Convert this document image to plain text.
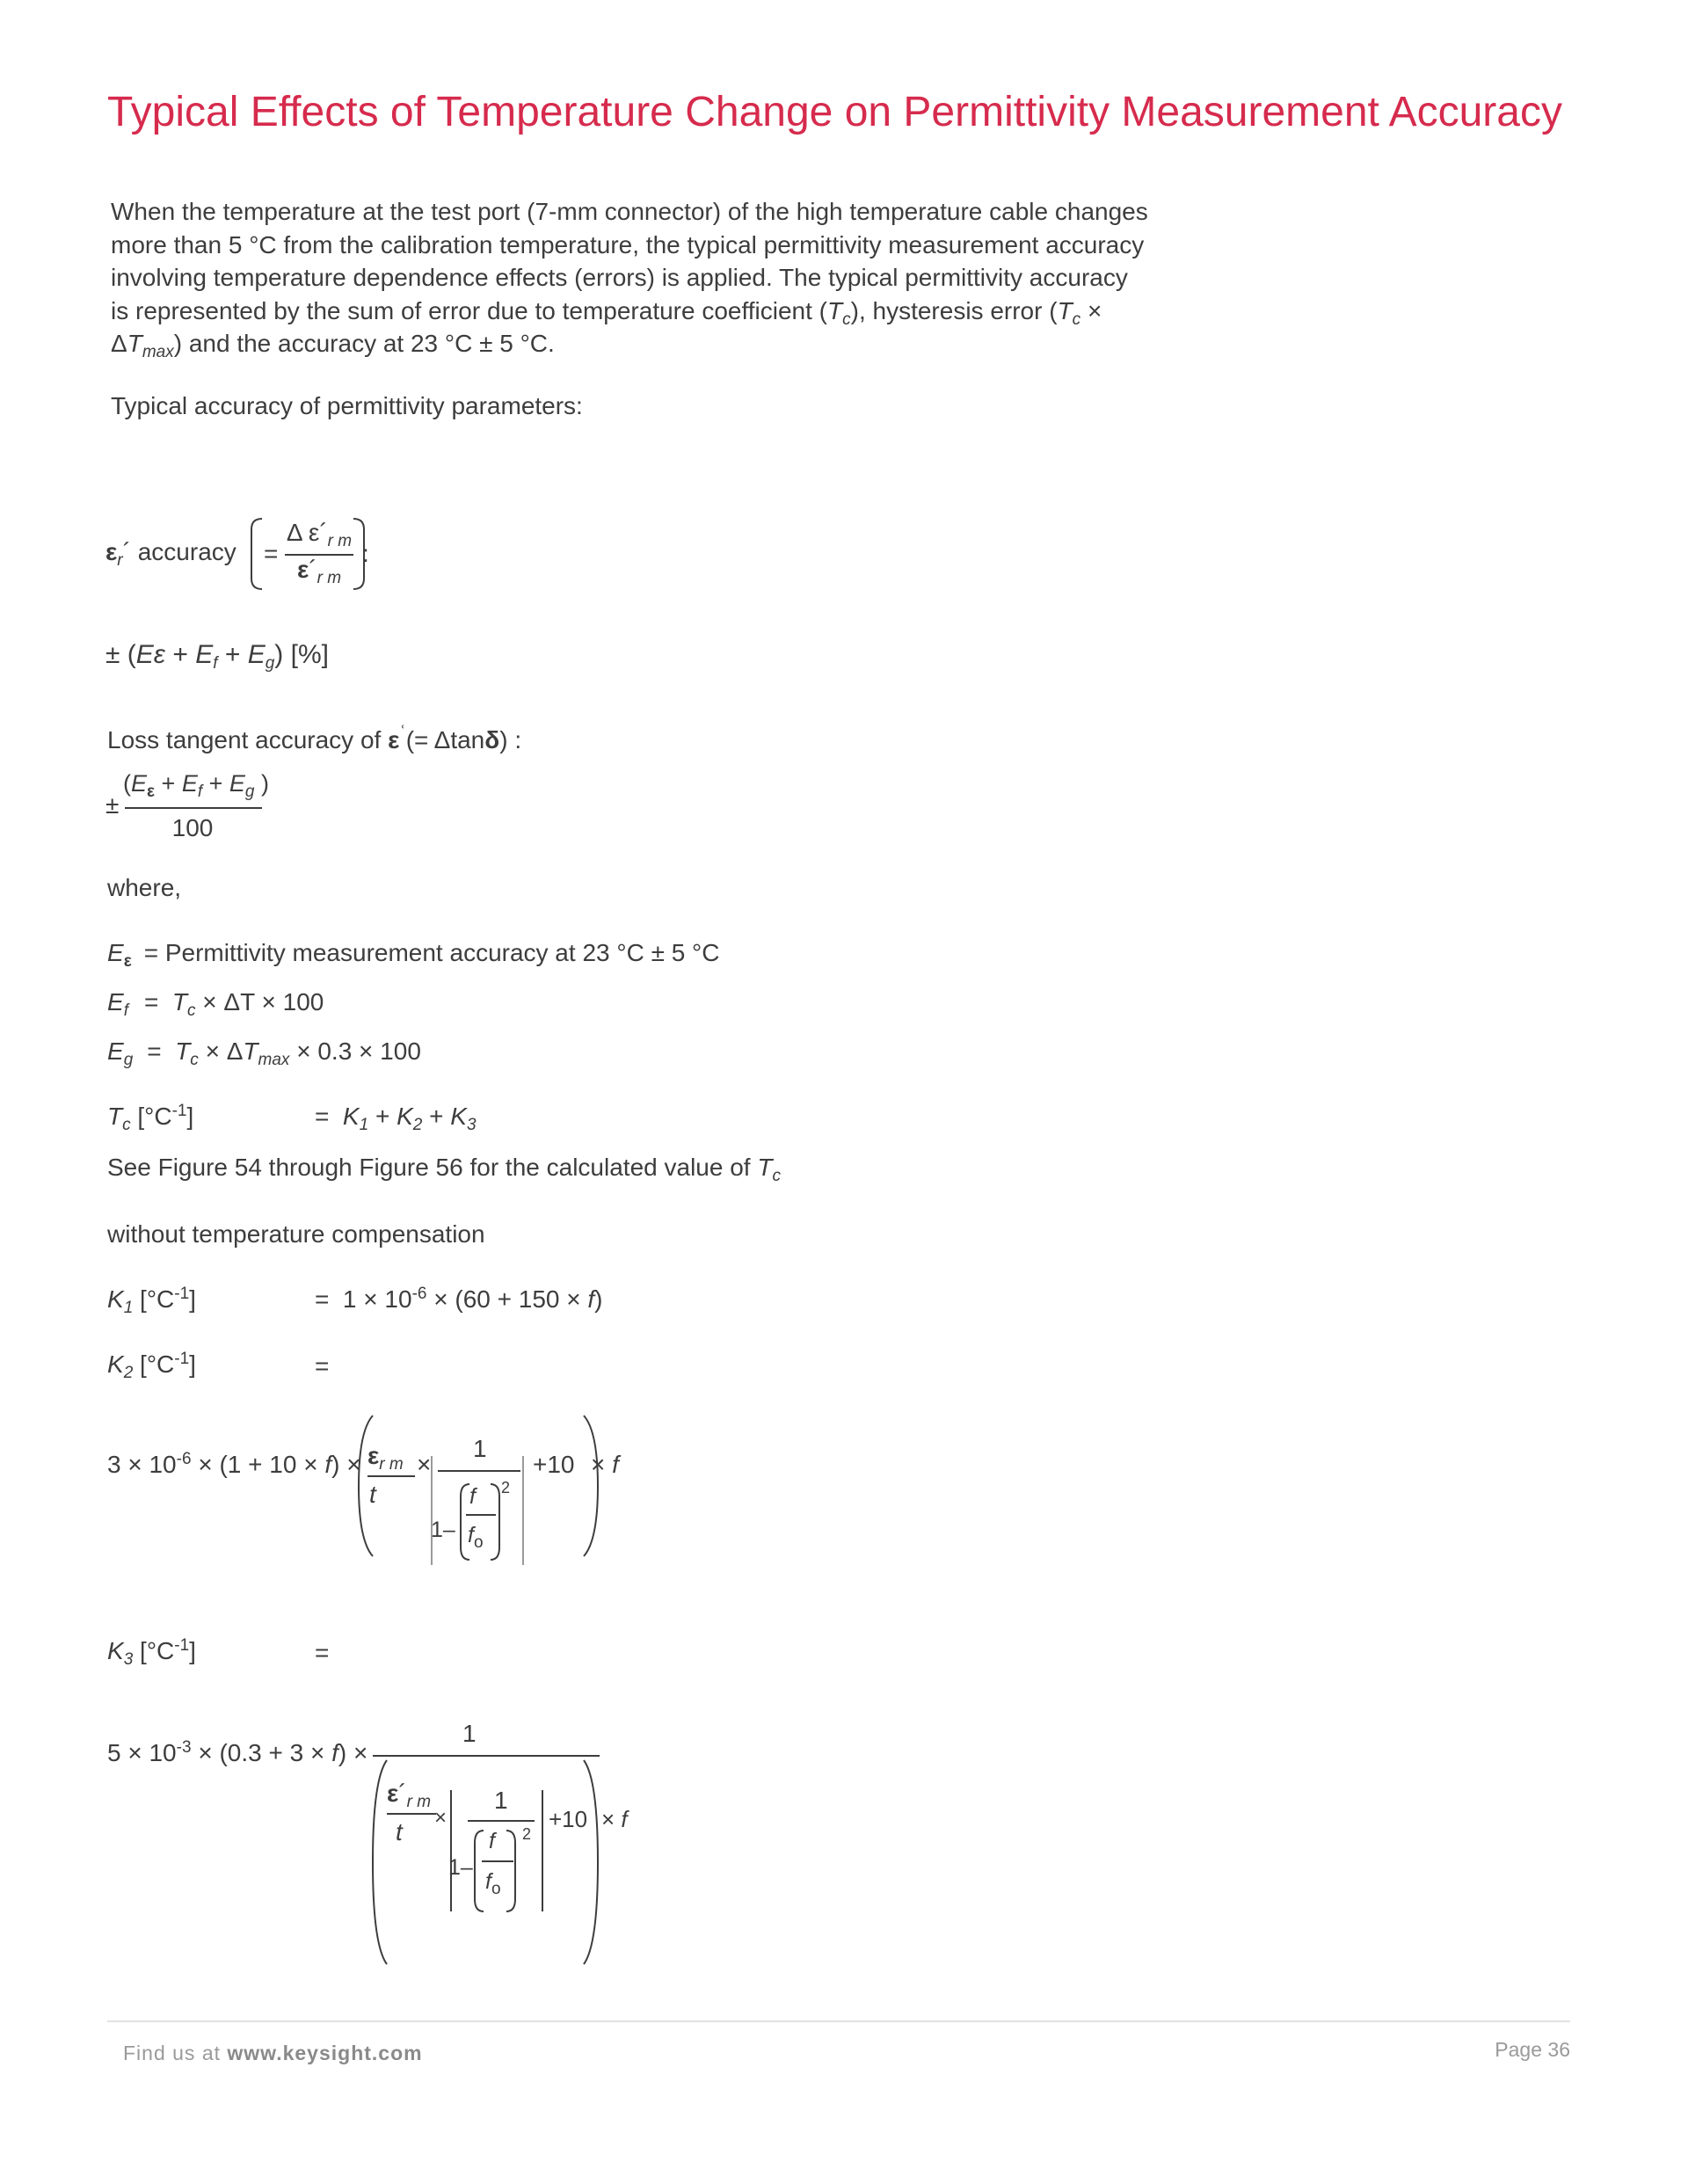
Typical Effects of Temperature Change on Permittivity Measurement Accuracy
When the temperature at the test port (7-mm connector) of the high temperature cable changes more than 5 °C from the calibration temperature, the typical permittivity measurement accuracy involving temperature dependence effects (errors) is applied. The typical permittivity accuracy is represented by the sum of error due to temperature coefficient $(T_c)$, hysteresis error $(T_c \times \Delta T_{max})$ and the accuracy at 23 °C ± 5 °C.
Typical accuracy of permittivity parameters:
$\varepsilon_r´$ accuracy =
Δ $\varepsilon´_{r m}$
$\varepsilon´_{r m}$
:
± $(E\varepsilon + E_f + E_g)$ [%]
Loss tangent accuracy of $\varepsilon^ʿ(= \Delta\tan\delta)$ :
±
($E_\varepsilon + E_f + E_g$ )
100
where,
$E_\varepsilon$ = Permittivity measurement accuracy at 23 °C ± 5 °C
$E_f = T_c \times \Delta T \times 100$
$E_g = T_c \times \Delta T_{max} \times 0.3 \times 100$
$T_c$ $[^\circ C^{-1}]$	= $K_1 + K_2 + K_3$
See Figure 54 through Figure 56 for the calculated value of $T_c$
without temperature compensation
$K_1$ $[^\circ C^{-1}]$	= $1 \times 10^{-6} \times (60 + 150 \times f)$
$K_2$ $[^\circ C^{-1}]$	=
$3 \times 10^{-6} \times (1 + 10 \times f) \times \varepsilon_{r m}$
t
×
1
1–
f
$f_o$
2
+10 × f
$K_3$ $[^\circ C^{-1}]$	=
$5 \times 10^{-3} \times (0.3 + 3 \times f)$ ×
1
$\varepsilon´_{r m}$
t
×
1
1–
f
$f_o$
2
+10 × f
Find us at www.keysight.com	Page 36
